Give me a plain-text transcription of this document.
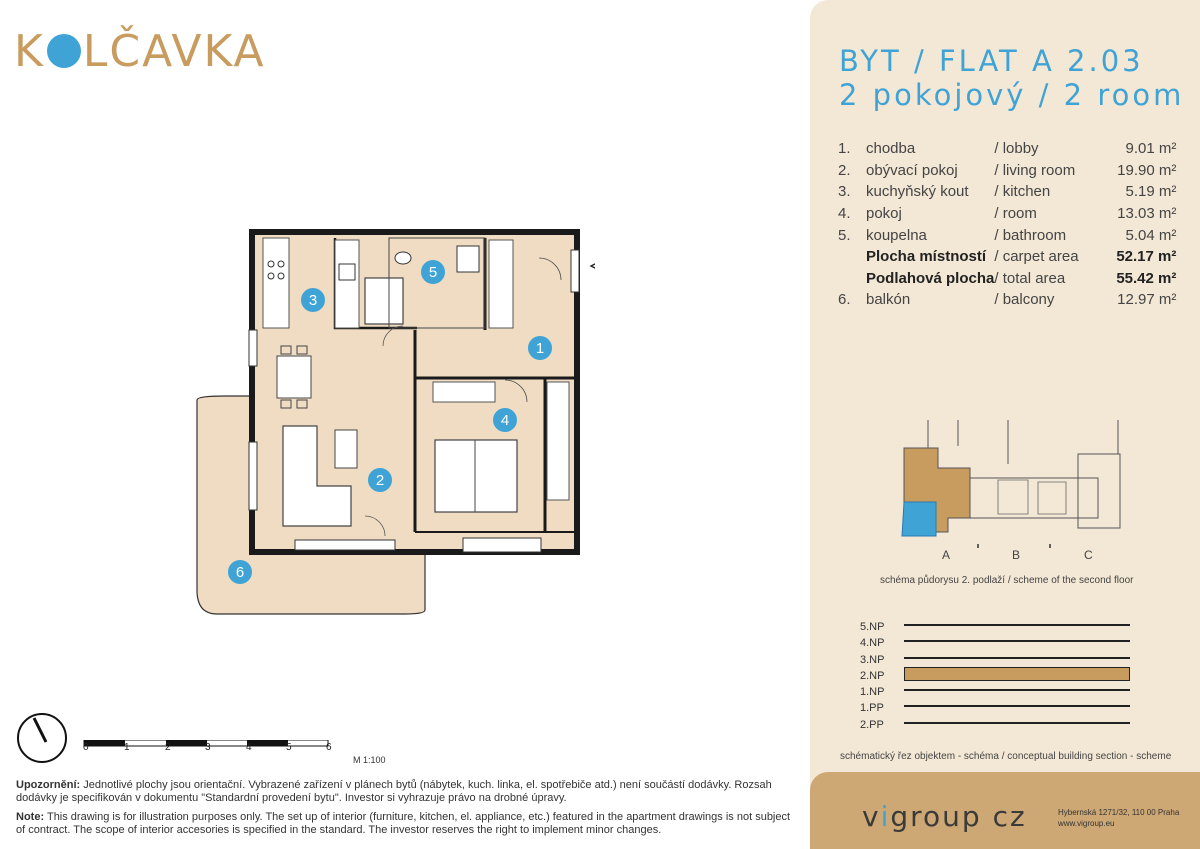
K LČAVKA
1
2
3
4
5
6
0	1	2	3	4	5	6
M 1:100
Upozornění: Jednotlivé plochy jsou orientační. Vybrazené zařízení v plánech bytů (nábytek, kuch. linka, el. spotřebiče atd.) není součástí dodávky. Rozsah dodávky je specifikován v dokumentu "Standardní provedení bytu". Investor si vyhrazuje právo na drobné úpravy.
Note: This drawing is for illustration purposes only. The set up of interior (furniture, kitchen, el. appliance, etc.) featured in the apartment drawings is not subject of contract. The scope of interior accesories is specified in the standard. The investor reserves the right to implement minor changes.
BYT / FLAT A 2.03
2 pokojový / 2 room
1.	chodba	/ lobby	9.01 m²
2.	obývací pokoj	/ living room	19.90 m²
3.	kuchyňský kout	/ kitchen	5.19 m²
4.	pokoj	/ room	13.03 m²
5.	koupelna	/ bathroom	5.04 m²
	Plocha místností	/ carpet area	52.17 m²
	Podlahová plocha	/ total area	55.42 m²
6.	balkón	/ balcony	12.97 m²
A	B	C
schéma půdorysu 2. podlaží / scheme of the second floor
5.NP
4.NP
3.NP
2.NP
1.NP
1.PP
2.PP
schématický řez objektem - schéma / conceptual building section - scheme
vigroup cz	Hybernská 1271/32, 110 00 Praha
www.vigroup.eu
